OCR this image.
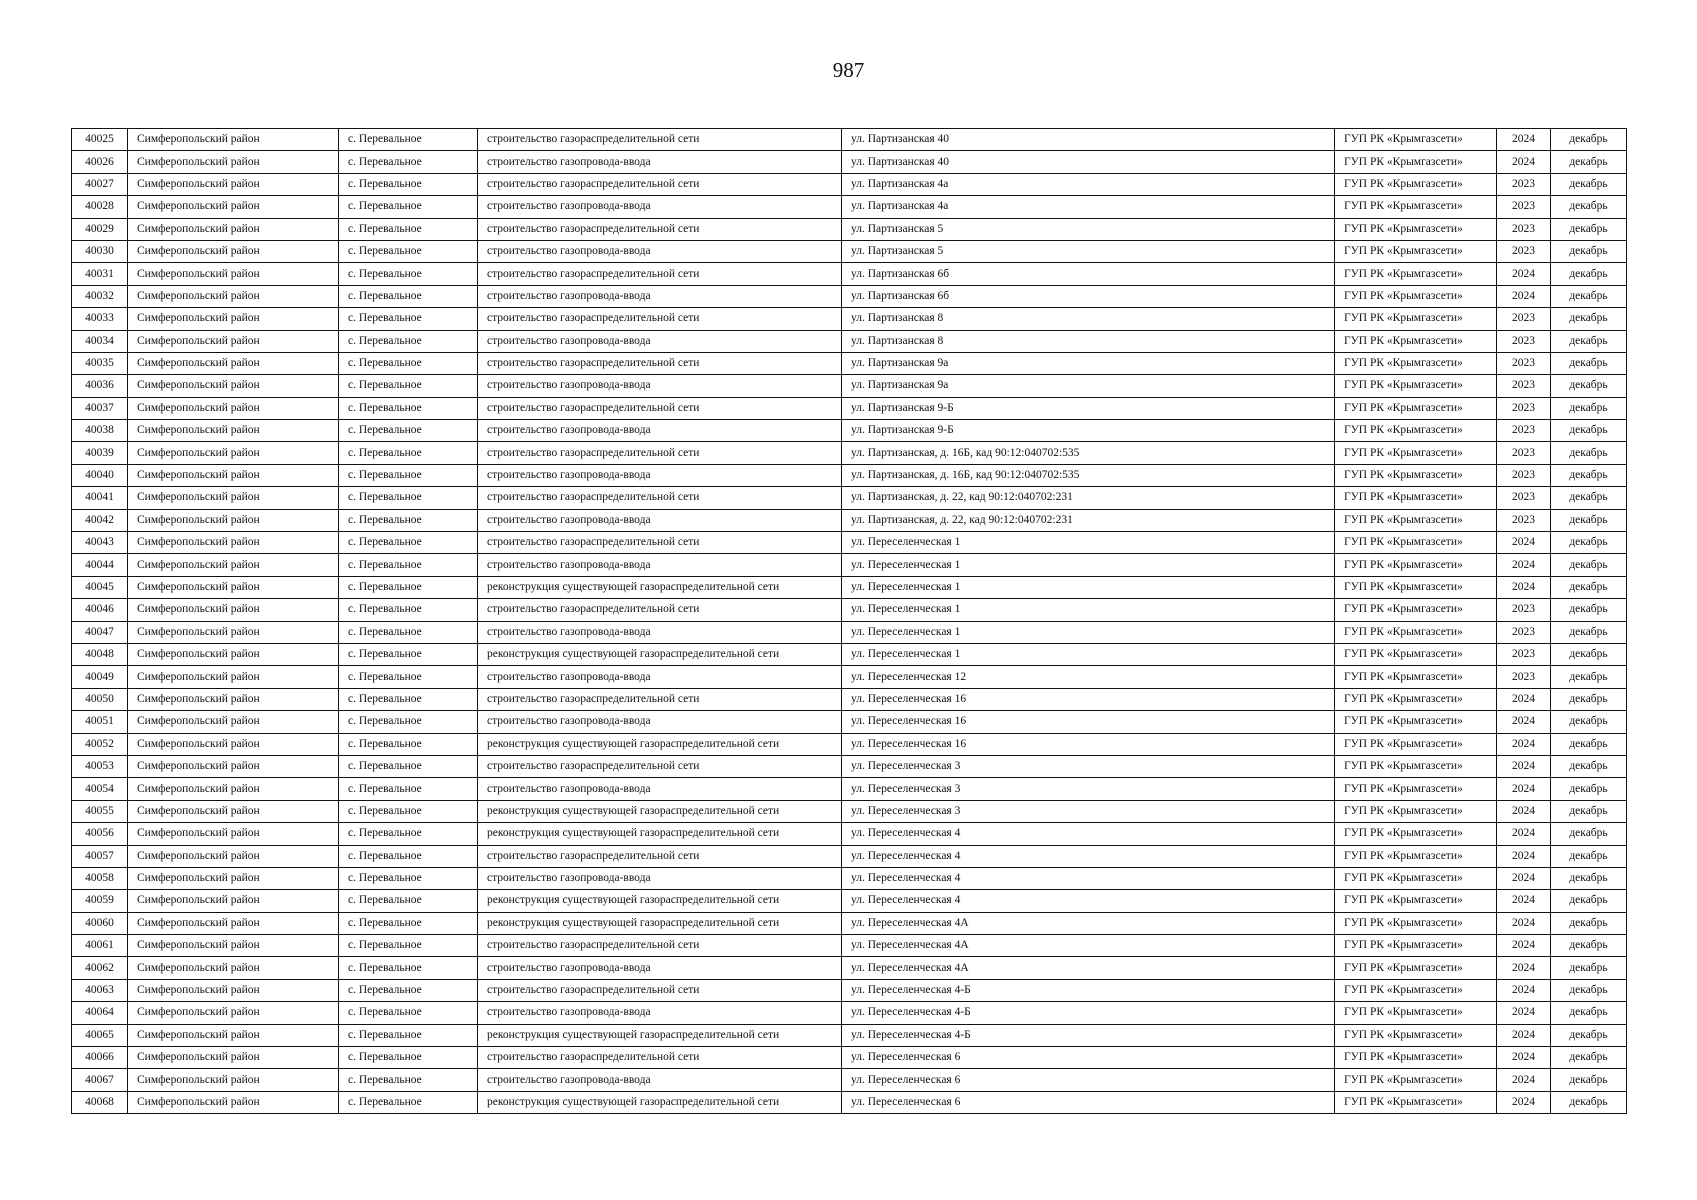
987
40025	Симферопольский район	с. Перевальное	строительство газораспределительной сети	ул. Партизанская 40	ГУП РК «Крымгазсети»	2024	декабрь
40026	Симферопольский район	с. Перевальное	строительство газопровода-ввода	ул. Партизанская 40	ГУП РК «Крымгазсети»	2024	декабрь
40027	Симферопольский район	с. Перевальное	строительство газораспределительной сети	ул. Партизанская 4а	ГУП РК «Крымгазсети»	2023	декабрь
40028	Симферопольский район	с. Перевальное	строительство газопровода-ввода	ул. Партизанская 4а	ГУП РК «Крымгазсети»	2023	декабрь
40029	Симферопольский район	с. Перевальное	строительство газораспределительной сети	ул. Партизанская 5	ГУП РК «Крымгазсети»	2023	декабрь
40030	Симферопольский район	с. Перевальное	строительство газопровода-ввода	ул. Партизанская 5	ГУП РК «Крымгазсети»	2023	декабрь
40031	Симферопольский район	с. Перевальное	строительство газораспределительной сети	ул. Партизанская 6б	ГУП РК «Крымгазсети»	2024	декабрь
40032	Симферопольский район	с. Перевальное	строительство газопровода-ввода	ул. Партизанская 6б	ГУП РК «Крымгазсети»	2024	декабрь
40033	Симферопольский район	с. Перевальное	строительство газораспределительной сети	ул. Партизанская 8	ГУП РК «Крымгазсети»	2023	декабрь
40034	Симферопольский район	с. Перевальное	строительство газопровода-ввода	ул. Партизанская 8	ГУП РК «Крымгазсети»	2023	декабрь
40035	Симферопольский район	с. Перевальное	строительство газораспределительной сети	ул. Партизанская 9а	ГУП РК «Крымгазсети»	2023	декабрь
40036	Симферопольский район	с. Перевальное	строительство газопровода-ввода	ул. Партизанская 9а	ГУП РК «Крымгазсети»	2023	декабрь
40037	Симферопольский район	с. Перевальное	строительство газораспределительной сети	ул. Партизанская 9-Б	ГУП РК «Крымгазсети»	2023	декабрь
40038	Симферопольский район	с. Перевальное	строительство газопровода-ввода	ул. Партизанская 9-Б	ГУП РК «Крымгазсети»	2023	декабрь
40039	Симферопольский район	с. Перевальное	строительство газораспределительной сети	ул. Партизанская, д. 16Б, кад 90:12:040702:535	ГУП РК «Крымгазсети»	2023	декабрь
40040	Симферопольский район	с. Перевальное	строительство газопровода-ввода	ул. Партизанская, д. 16Б, кад 90:12:040702:535	ГУП РК «Крымгазсети»	2023	декабрь
40041	Симферопольский район	с. Перевальное	строительство газораспределительной сети	ул. Партизанская, д. 22, кад 90:12:040702:231	ГУП РК «Крымгазсети»	2023	декабрь
40042	Симферопольский район	с. Перевальное	строительство газопровода-ввода	ул. Партизанская, д. 22, кад 90:12:040702:231	ГУП РК «Крымгазсети»	2023	декабрь
40043	Симферопольский район	с. Перевальное	строительство газораспределительной сети	ул. Переселенческая 1	ГУП РК «Крымгазсети»	2024	декабрь
40044	Симферопольский район	с. Перевальное	строительство газопровода-ввода	ул. Переселенческая 1	ГУП РК «Крымгазсети»	2024	декабрь
40045	Симферопольский район	с. Перевальное	реконструкция существующей газораспределительной сети	ул. Переселенческая 1	ГУП РК «Крымгазсети»	2024	декабрь
40046	Симферопольский район	с. Перевальное	строительство газораспределительной сети	ул. Переселенческая 1	ГУП РК «Крымгазсети»	2023	декабрь
40047	Симферопольский район	с. Перевальное	строительство газопровода-ввода	ул. Переселенческая 1	ГУП РК «Крымгазсети»	2023	декабрь
40048	Симферопольский район	с. Перевальное	реконструкция существующей газораспределительной сети	ул. Переселенческая 1	ГУП РК «Крымгазсети»	2023	декабрь
40049	Симферопольский район	с. Перевальное	строительство газопровода-ввода	ул. Переселенческая 12	ГУП РК «Крымгазсети»	2023	декабрь
40050	Симферопольский район	с. Перевальное	строительство газораспределительной сети	ул. Переселенческая 16	ГУП РК «Крымгазсети»	2024	декабрь
40051	Симферопольский район	с. Перевальное	строительство газопровода-ввода	ул. Переселенческая 16	ГУП РК «Крымгазсети»	2024	декабрь
40052	Симферопольский район	с. Перевальное	реконструкция существующей газораспределительной сети	ул. Переселенческая 16	ГУП РК «Крымгазсети»	2024	декабрь
40053	Симферопольский район	с. Перевальное	строительство газораспределительной сети	ул. Переселенческая 3	ГУП РК «Крымгазсети»	2024	декабрь
40054	Симферопольский район	с. Перевальное	строительство газопровода-ввода	ул. Переселенческая 3	ГУП РК «Крымгазсети»	2024	декабрь
40055	Симферопольский район	с. Перевальное	реконструкция существующей газораспределительной сети	ул. Переселенческая 3	ГУП РК «Крымгазсети»	2024	декабрь
40056	Симферопольский район	с. Перевальное	реконструкция существующей газораспределительной сети	ул. Переселенческая 4	ГУП РК «Крымгазсети»	2024	декабрь
40057	Симферопольский район	с. Перевальное	строительство газораспределительной сети	ул. Переселенческая 4	ГУП РК «Крымгазсети»	2024	декабрь
40058	Симферопольский район	с. Перевальное	строительство газопровода-ввода	ул. Переселенческая 4	ГУП РК «Крымгазсети»	2024	декабрь
40059	Симферопольский район	с. Перевальное	реконструкция существующей газораспределительной сети	ул. Переселенческая 4	ГУП РК «Крымгазсети»	2024	декабрь
40060	Симферопольский район	с. Перевальное	реконструкция существующей газораспределительной сети	ул. Переселенческая 4А	ГУП РК «Крымгазсети»	2024	декабрь
40061	Симферопольский район	с. Перевальное	строительство газораспределительной сети	ул. Переселенческая 4А	ГУП РК «Крымгазсети»	2024	декабрь
40062	Симферопольский район	с. Перевальное	строительство газопровода-ввода	ул. Переселенческая 4А	ГУП РК «Крымгазсети»	2024	декабрь
40063	Симферопольский район	с. Перевальное	строительство газораспределительной сети	ул. Переселенческая 4-Б	ГУП РК «Крымгазсети»	2024	декабрь
40064	Симферопольский район	с. Перевальное	строительство газопровода-ввода	ул. Переселенческая 4-Б	ГУП РК «Крымгазсети»	2024	декабрь
40065	Симферопольский район	с. Перевальное	реконструкция существующей газораспределительной сети	ул. Переселенческая 4-Б	ГУП РК «Крымгазсети»	2024	декабрь
40066	Симферопольский район	с. Перевальное	строительство газораспределительной сети	ул. Переселенческая 6	ГУП РК «Крымгазсети»	2024	декабрь
40067	Симферопольский район	с. Перевальное	строительство газопровода-ввода	ул. Переселенческая 6	ГУП РК «Крымгазсети»	2024	декабрь
40068	Симферопольский район	с. Перевальное	реконструкция существующей газораспределительной сети	ул. Переселенческая 6	ГУП РК «Крымгазсети»	2024	декабрь
